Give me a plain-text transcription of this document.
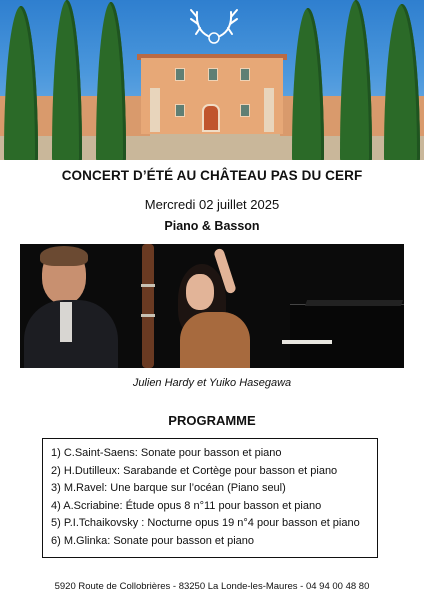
CONCERT D’ÉTÉ AU CHÂTEAU PAS DU CERF

Mercredi 02 juillet 2025

Piano & Basson

Julien Hardy et Yuiko Hasegawa

PROGRAMME

1) C.Saint-Saens: Sonate pour basson et piano
2) H.Dutilleux: Sarabande et Cortège pour basson et piano
3) M.Ravel: Une barque sur l’océan (Piano seul)
4) A.Scriabine: Étude opus 8 n°11 pour basson et piano
5) P.I.Tchaikovsky : Nocturne opus 19 n°4 pour basson et piano
6) M.Glinka: Sonate pour basson et piano

5920 Route de Collobrières - 83250 La Londe-les-Maures - 04 94 00 48 80
